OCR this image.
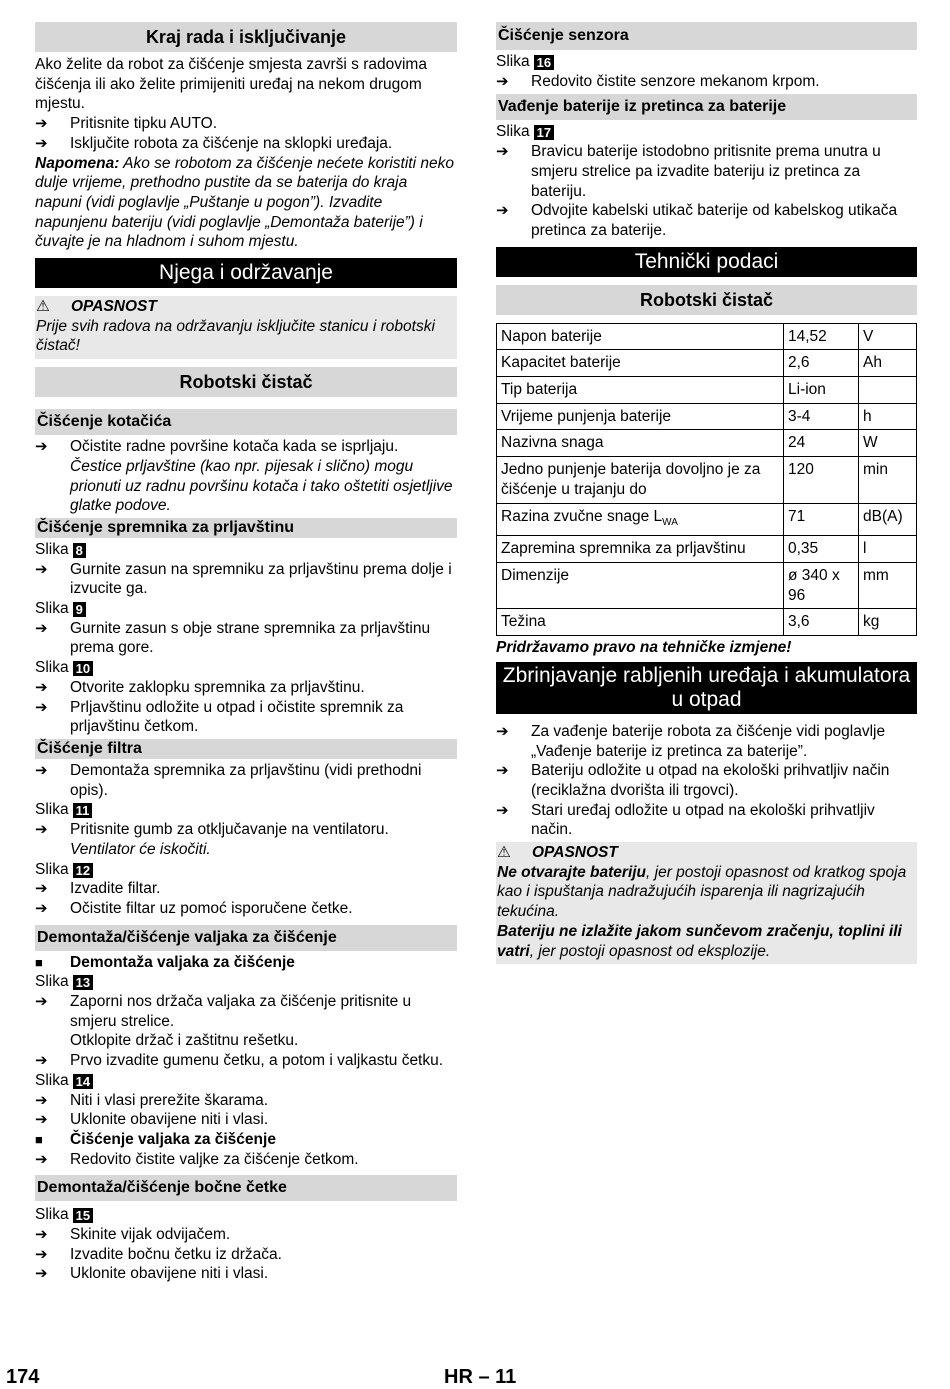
Kraj rada i isključivanje

Ako želite da robot za čišćenje smjesta završi s radovima čišćenja ili ako želite primijeniti uređaj na nekom drugom mjestu.

➔	Pritisnite tipku AUTO.
➔	Isključite robota za čišćenje na sklopki uređaja.

Napomena: Ako se robotom za čišćenje nećete koristiti neko dulje vrijeme, prethodno pustite da se baterija do kraja napuni (vidi poglavlje „Puštanje u pogon”). Izvadite napunjenu bateriju (vidi poglavlje „Demontaža baterije”) i čuvajte je na hladnom i suhom mjestu.

Njega i održavanje
⚠ OPASNOST

Prije svih radova na održavanju isključite stanicu i robotski čistač!

Robotski čistač
Čišćenje kotačića
➔	Očistite radne površine kotača kada se isprljaju.
Čestice prljavštine (kao npr. pijesak i slično) mogu prionuti uz radnu površinu kotača i tako oštetiti osjetljive glatke podove.
Čišćenje spremnika za prljavštinu
Slika 8
➔	Gurnite zasun na spremniku za prljavštinu prema dolje i izvucite ga.
Slika 9
➔	Gurnite zasun s obje strane spremnika za prljavštinu prema gore.
Slika 10
➔	Otvorite zaklopku spremnika za prljavštinu.
➔	Prljavštinu odložite u otpad i očistite spremnik za prljavštinu četkom.
Čišćenje filtra
➔	Demontaža spremnika za prljavštinu (vidi prethodni opis).
Slika 11
➔	Pritisnite gumb za otključavanje na ventilatoru.
Ventilator će iskočiti.
Slika 12
➔	Izvadite filtar.
➔	Očistite filtar uz pomoć isporučene četke.
Demontaža/čišćenje valjaka za čišćenje
■	Demontaža valjaka za čišćenje
Slika 13
➔	Zaporni nos držača valjaka za čišćenje pritisnite u smjeru strelice.
Otklopite držač i zaštitnu rešetku.
➔	Prvo izvadite gumenu četku, a potom i valjkastu četku.
Slika 14
➔	Niti i vlasi prerežite škarama.
➔	Uklonite obavijene niti i vlasi.
■	Čišćenje valjaka za čišćenje
➔	Redovito čistite valjke za čišćenje četkom.
Demontaža/čišćenje bočne četke
Slika 15
➔	Skinite vijak odvijačem.
➔	Izvadite bočnu četku iz držača.
➔	Uklonite obavijene niti i vlasi.
Čišćenje senzora
Slika 16
➔	Redovito čistite senzore mekanom krpom.
Vađenje baterije iz pretinca za baterije
Slika 17
➔	Bravicu baterije istodobno pritisnite prema unutra u smjeru strelice pa izvadite bateriju iz pretinca za bateriju.
➔	Odvojite kabelski utikač baterije od kabelskog utikača pretinca za baterije.
Tehnički podaci
Robotski čistač
Napon baterije	14,52	V
Kapacitet baterije	2,6	Ah
Tip baterija	Li-ion	
Vrijeme punjenja baterije	3-4	h
Nazivna snaga	24	W
Jedno punjenje baterija dovoljno je za čišćenje u trajanju do	120	min
Razina zvučne snage $L_{WA}$	71	dB(A)
Zapremina spremnika za prljavštinu	0,35	l
Dimenzije	ø 340 x 96	mm
Težina	3,6	kg

Pridržavamo pravo na tehničke izmjene!

Zbrinjavanje rabljenih uređaja i akumulatora u otpad
➔	Za vađenje baterije robota za čišćenje vidi poglavlje „Vađenje baterije iz pretinca za baterije”.
➔	Bateriju odložite u otpad na ekološki prihvatljiv način (reciklažna dvorišta ili trgovci).
➔	Stari uređaj odložite u otpad na ekološki prihvatljiv način.
⚠ OPASNOST

Ne otvarajte bateriju, jer postoji opasnost od kratkog spoja kao i ispuštanja nadražujućih isparenja ili nagrizajućih tekućina.

Bateriju ne izlažite jakom sunčevom zračenju, toplini ili vatri, jer postoji opasnost od eksplozije.

174	HR – 11
